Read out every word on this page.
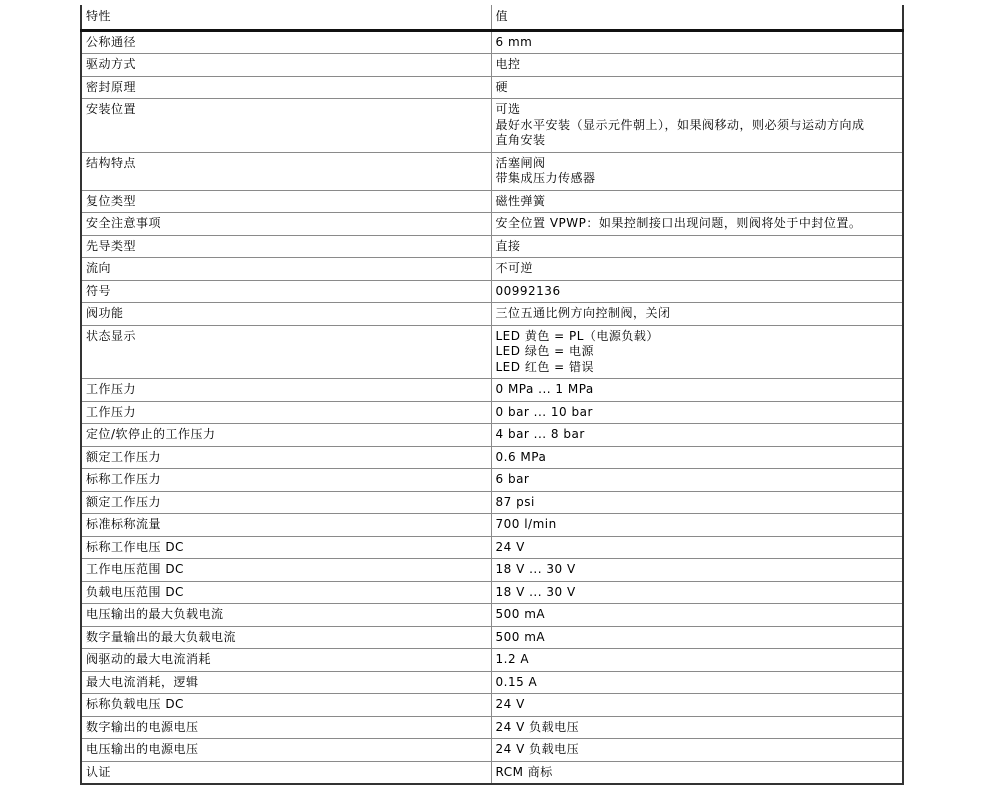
特性	值
公称通径	6 mm

驱动方式	电控

密封原理	硬

安装位置	可选
最好水平安装（显示元件朝上），如果阀移动，则必须与运动方向成
直角安装

结构特点	活塞闸阀
带集成压力传感器

复位类型	磁性弹簧

安全注意事项	安全位置 VPWP：如果控制接口出现问题，则阀将处于中封位置。

先导类型	直接

流向	不可逆

符号	00992136

阀功能	三位五通比例方向控制阀，关闭

状态显示	LED 黄色 = PL（电源负载）
LED 绿色 = 电源
LED 红色 = 错误

工作压力	0 MPa ... 1 MPa

工作压力	0 bar ... 10 bar

定位/软停止的工作压力	4 bar ... 8 bar

额定工作压力	0.6 MPa

标称工作压力	6 bar

额定工作压力	87 psi

标准标称流量	700 l/min

标称工作电压 DC	24 V

工作电压范围 DC	18 V ... 30 V

负载电压范围 DC	18 V ... 30 V

电压输出的最大负载电流	500 mA

数字量输出的最大负载电流	500 mA

阀驱动的最大电流消耗	1.2 A

最大电流消耗，逻辑	0.15 A

标称负载电压 DC	24 V

数字输出的电源电压	24 V 负载电压

电压输出的电源电压	24 V 负载电压

认证	RCM 商标
